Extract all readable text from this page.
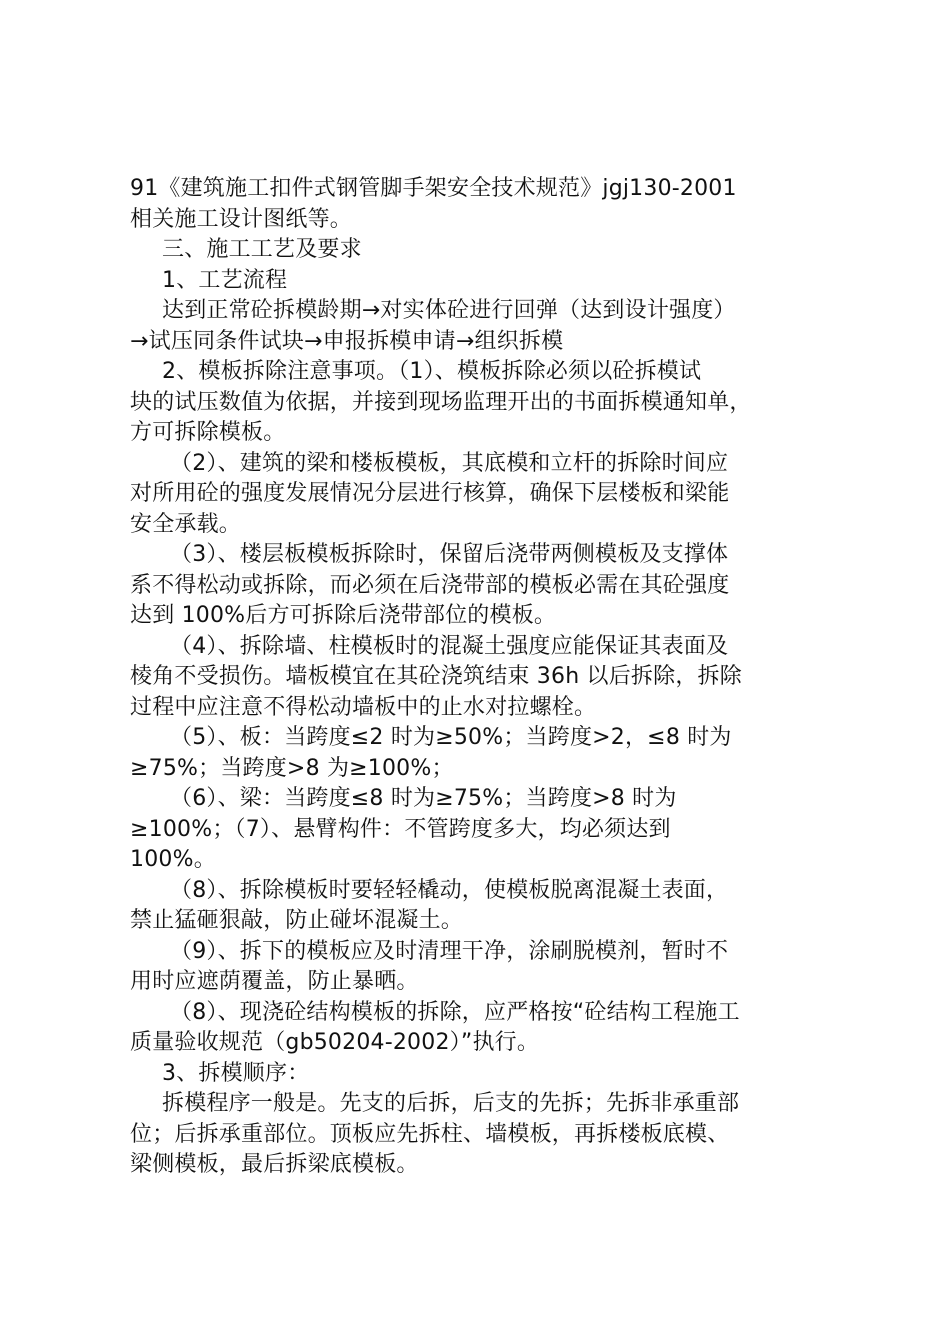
91《建筑施工扣件式钢管脚手架安全技术规范》jgj130-2001
相关施工设计图纸等。
三、施工工艺及要求
1、工艺流程
达到正常砼拆模龄期→对实体砼进行回弹（达到设计强度）
→试压同条件试块→申报拆模申请→组织拆模
2、模板拆除注意事项。（1）、模板拆除必须以砼拆模试
块的试压数值为依据，并接到现场监理开出的书面拆模通知单，
方可拆除模板。
（2）、建筑的梁和楼板模板，其底模和立杆的拆除时间应
对所用砼的强度发展情况分层进行核算，确保下层楼板和梁能
安全承载。
（3）、楼层板模板拆除时，保留后浇带两侧模板及支撑体
系不得松动或拆除，而必须在后浇带部的模板必需在其砼强度
达到 100%后方可拆除后浇带部位的模板。
（4）、拆除墙、柱模板时的混凝土强度应能保证其表面及
棱角不受损伤。墙板模宜在其砼浇筑结束 36h 以后拆除，拆除
过程中应注意不得松动墙板中的止水对拉螺栓。
（5）、板：当跨度≤2 时为≥50%；当跨度>2，≤8 时为
≥75%；当跨度>8 为≥100%；
（6）、梁：当跨度≤8 时为≥75%；当跨度>8 时为
≥100%；（7）、悬臂构件：不管跨度多大，均必须达到
100%。
（8）、拆除模板时要轻轻橇动，使模板脱离混凝土表面，
禁止猛砸狠敲，防止碰坏混凝土。
（9）、拆下的模板应及时清理干净，涂刷脱模剂，暂时不
用时应遮荫覆盖，防止暴晒。
（8）、现浇砼结构模板的拆除，应严格按“砼结构工程施工
质量验收规范（gb50204-2002）”执行。
3、拆模顺序：
拆模程序一般是。先支的后拆，后支的先拆；先拆非承重部
位；后拆承重部位。顶板应先拆柱、墙模板，再拆楼板底模、
梁侧模板，最后拆梁底模板。
